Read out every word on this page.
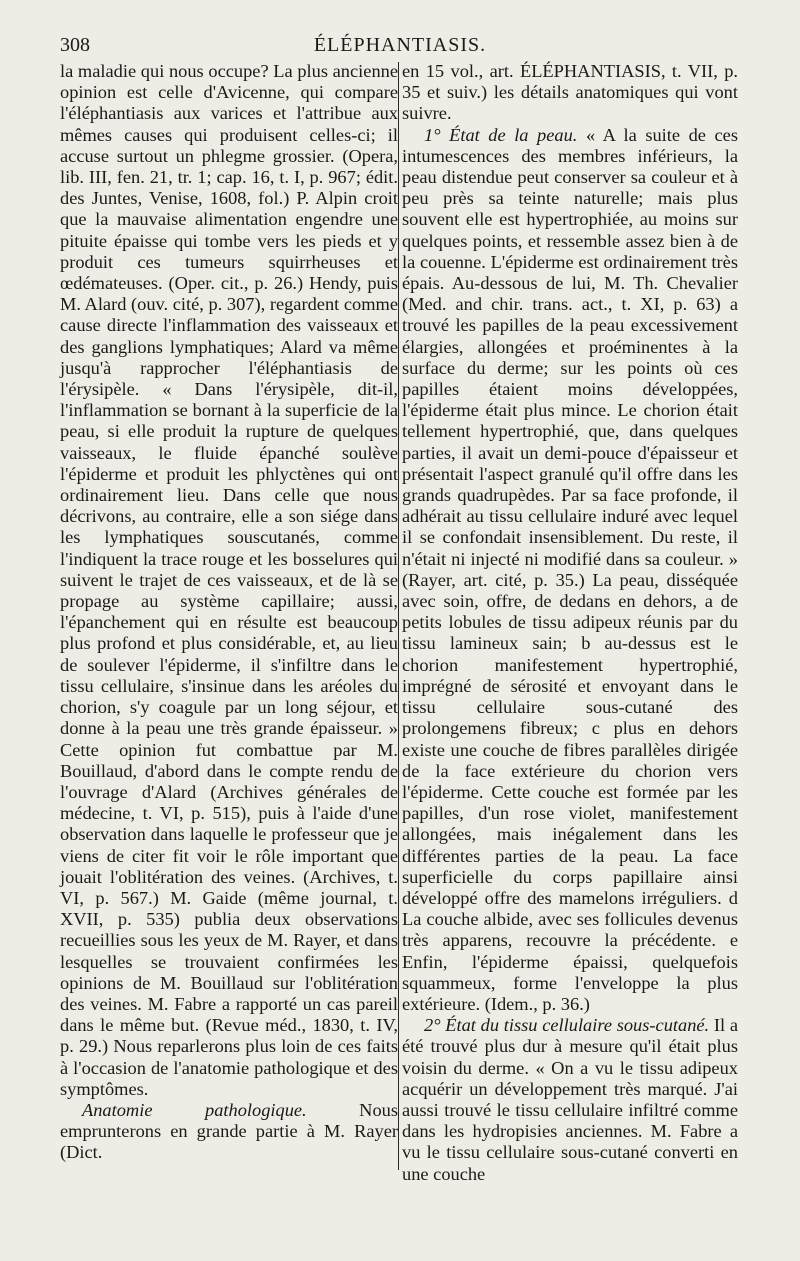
308	ÉLÉPHANTIASIS.

la maladie qui nous occupe? La plus ancienne opinion est celle d'Avicenne, qui compare l'éléphantiasis aux varices et l'attribue aux mêmes causes qui produisent celles-ci; il accuse surtout un phlegme grossier. (Opera, lib. III, fen. 21, tr. 1; cap. 16, t. I, p. 967; édit. des Juntes, Venise, 1608, fol.) P. Alpin croit que la mauvaise alimentation engendre une pituite épaisse qui tombe vers les pieds et y produit ces tumeurs squirrheuses et œdémateuses. (Oper. cit., p. 26.) Hendy, puis M. Alard (ouv. cité, p. 307), regardent comme cause directe l'inflammation des vaisseaux et des ganglions lymphatiques; Alard va même jusqu'à rapprocher l'éléphantiasis de l'érysipèle. « Dans l'érysipèle, dit-il, l'inflammation se bornant à la superficie de la peau, si elle produit la rupture de quelques vaisseaux, le fluide épanché soulève l'épiderme et produit les phlyctènes qui ont ordinairement lieu. Dans celle que nous décrivons, au contraire, elle a son siége dans les lymphatiques souscutanés, comme l'indiquent la trace rouge et les bosselures qui suivent le trajet de ces vaisseaux, et de là se propage au système capillaire; aussi, l'épanchement qui en résulte est beaucoup plus profond et plus considérable, et, au lieu de soulever l'épiderme, il s'infiltre dans le tissu cellulaire, s'insinue dans les aréoles du chorion, s'y coagule par un long séjour, et donne à la peau une très grande épaisseur. » Cette opinion fut combattue par M. Bouillaud, d'abord dans le compte rendu de l'ouvrage d'Alard (Archives générales de médecine, t. VI, p. 515), puis à l'aide d'une observation dans laquelle le professeur que je viens de citer fit voir le rôle important que jouait l'oblitération des veines. (Archives, t. VI, p. 567.) M. Gaide (même journal, t. XVII, p. 535) publia deux observations recueillies sous les yeux de M. Rayer, et dans lesquelles se trouvaient confirmées les opinions de M. Bouillaud sur l'oblitération des veines. M. Fabre a rapporté un cas pareil dans le même but. (Revue méd., 1830, t. IV, p. 29.) Nous reparlerons plus loin de ces faits à l'occasion de l'anatomie pathologique et des symptômes.

Anatomie pathologique. Nous emprunterons en grande partie à M. Rayer (Dict.

en 15 vol., art. ÉLÉPHANTIASIS, t. VII, p. 35 et suiv.) les détails anatomiques qui vont suivre.

1° État de la peau. « A la suite de ces intumescences des membres inférieurs, la peau distendue peut conserver sa couleur et à peu près sa teinte naturelle; mais plus souvent elle est hypertrophiée, au moins sur quelques points, et ressemble assez bien à de la couenne. L'épiderme est ordinairement très épais. Au-dessous de lui, M. Th. Chevalier (Med. and chir. trans. act., t. XI, p. 63) a trouvé les papilles de la peau excessivement élargies, allongées et proéminentes à la surface du derme; sur les points où ces papilles étaient moins développées, l'épiderme était plus mince. Le chorion était tellement hypertrophié, que, dans quelques parties, il avait un demi-pouce d'épaisseur et présentait l'aspect granulé qu'il offre dans les grands quadrupèdes. Par sa face profonde, il adhérait au tissu cellulaire induré avec lequel il se confondait insensiblement. Du reste, il n'était ni injecté ni modifié dans sa couleur. » (Rayer, art. cité, p. 35.) La peau, disséquée avec soin, offre, de dedans en dehors, a de petits lobules de tissu adipeux réunis par du tissu lamineux sain; b au-dessus est le chorion manifestement hypertrophié, imprégné de sérosité et envoyant dans le tissu cellulaire sous-cutané des prolongemens fibreux; c plus en dehors existe une couche de fibres parallèles dirigée de la face extérieure du chorion vers l'épiderme. Cette couche est formée par les papilles, d'un rose violet, manifestement allongées, mais inégalement dans les différentes parties de la peau. La face superficielle du corps papillaire ainsi développé offre des mamelons irréguliers. d La couche albide, avec ses follicules devenus très apparens, recouvre la précédente. e Enfin, l'épiderme épaissi, quelquefois squammeux, forme l'enveloppe la plus extérieure. (Idem., p. 36.)

2° État du tissu cellulaire sous-cutané. Il a été trouvé plus dur à mesure qu'il était plus voisin du derme. « On a vu le tissu adipeux acquérir un développement très marqué. J'ai aussi trouvé le tissu cellulaire infiltré comme dans les hydropisies anciennes. M. Fabre a vu le tissu cellulaire sous-cutané converti en une couche
